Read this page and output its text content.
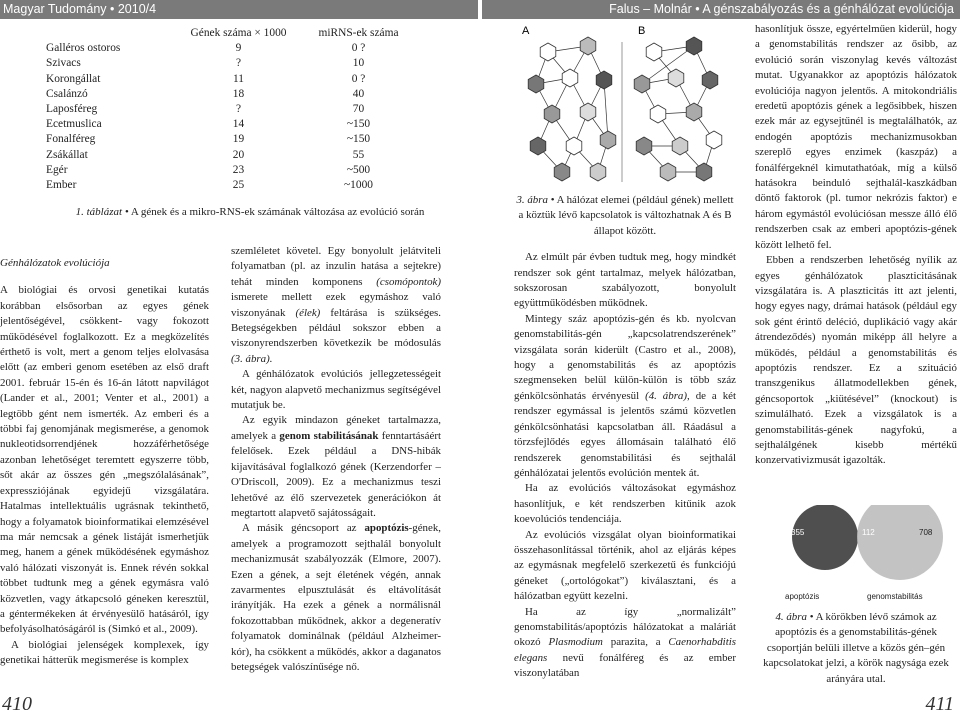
Magyar Tudomány • 2010/4	Falus – Molnár • A génszabályozás és a génhálózat evolúciója
	Gének száma × 1000	miRNS-ek száma
Galléros ostoros	9	0 ?
Szivacs	?	10
Korongállat	11	0 ?
Csalánzó	18	40
Laposféreg	?	70
Ecetmuslica	14	~150
Fonalféreg	19	~150
Zsákállat	20	55
Egér	23	~500
Ember	25	~1000
1. táblázat • A gének és a mikro-RNS-ek számának változása az evolúció során

Génhálózatok evolúciója

A biológiai és orvosi genetikai kutatás korábban elsősorban az egyes gének jelentőségével, csökkent- vagy fokozott működésével foglalkozott. Ez a megközelítés érthető is volt, mert a genom teljes elolvasása előtt (az emberi genom esetében az első draft 2001. február 15-én és 16-án látott napvilágot (Lander et al., 2001; Venter et al., 2001) a legtöbb gént nem ismerték. Az emberi és a többi faj genomjának megismerése, a genomok nukleotidsorrendjének hozzáférhetősége azonban lehetőséget teremtett egyszerre több, sőt akár az összes gén „megszólalásának”, expressziójának egyidejű vizsgálatára. Hatalmas intellektuális ugrásnak tekinthető, hogy a folyamatok bioinformatikai elemzésével ma már nemcsak a gének listáját ismerhetjük meg, hanem a gének működésének egymáshoz való hálózati viszonyát is. Ennek révén sokkal többet tudtunk meg a gének egymásra való közvetlen, vagy átkapcsoló géneken keresztül, a géntermékeken át érvényesülő hatásáról, így befolyásolhatóságáról is (Simkó et al., 2009).

A biológiai jelenségek komplexek, így genetikai hátterük megismerése is komplex

szemléletet követel. Egy bonyolult jelátviteli folyamatban (pl. az inzulin hatása a sejtekre) tehát minden komponens (csomópontok) ismerete mellett ezek egymáshoz való viszonyának (élek) feltárása is szükséges. Betegségekben például sokszor ebben a viszonyrendszerben következik be módosulás (3. ábra).

A génhálózatok evolúciós jellegzetességeit két, nagyon alapvető mechanizmus segítségével mutatjuk be.

Az egyik mindazon géneket tartalmazza, amelyek a genom stabilitásának fenntartásáért felelősek. Ezek például a DNS-hibák kijavításával foglalkozó gének (Kerzendorfer – O'Driscoll, 2009). Ez a mechanizmus teszi lehetővé az élő szervezetek generációkon át megtartott alapvető sajátosságait.

A másik géncsoport az apoptózis-gének, amelyek a programozott sejthalál bonyolult mechanizmusát szabályozzák (Elmore, 2007). Ezen a gének, a sejt életének végén, annak zavarmentes elpusztulását és eltávolítását irányítják. Ha ezek a gének a normálisnál fokozottabban működnek, akkor a degeneratív folyamatok dominálnak (például Alzheimer-kór), ha csökkent a működés, akkor a daganatos betegségek valószínűsége nő.

A	B

3. ábra • A hálózat elemei (például gének) mellett a köztük lévő kapcsolatok is változhatnak A és B állapot között.

Az elmúlt pár évben tudtuk meg, hogy mindkét rendszer sok gént tartalmaz, melyek hálózatban, sokszorosan szabályozott, bonyolult együttműködésben működnek.

Mintegy száz apoptózis-gén és kb. nyolcvan genomstabilitás-gén „kapcsolatrendszerének” vizsgálata során kiderült (Castro et al., 2008), hogy a genomstabilitás és az apoptózis szegmenseken belül külön-külön is több száz génkölcsönhatás érvényesül (4. ábra), de a két rendszer egymással is jelentős számú közvetlen génkölcsönhatási kapcsolatban áll. Ráadásul a törzsfejlődés egyes állomásain található élő rendszerek genomstabilitási és sejthalál génhálózatai jelentős evolúción mentek át.

Ha az evolúciós változásokat egymáshoz hasonlítjuk, e két rendszerben kitűnik azok koevolúciós tendenciája.

Az evolúciós vizsgálat olyan bioinformatikai összehasonlítással történik, ahol az eljárás képes az egymásnak megfelelő szerkezetű és funkciójú géneket („ortológokat”) kiválasztani, és a hálózatban együtt kezelni.

Ha az így „normalizált” genomstabilitás/apoptózis hálózatokat a maláriát okozó Plasmodium parazita, a Caenorhabditis elegans nevű fonálféreg és az ember viszonylatában

hasonlítjuk össze, egyértelműen kiderül, hogy a genomstabilitás rendszer az ősibb, az evolúció során viszonylag kevés változást mutat. Ugyanakkor az apoptózis hálózatok evolúciója nagyon jelentős. A mitokondriális eredetű apoptózis gének a legősibbek, hiszen ezek már az egysejtűnél is megtalálhatók, az endogén apoptózis mechanizmusokban szereplő egyes enzimek (kaszpáz) a fonálférgeknél kimutathatóak, míg a külső hatásokra beinduló sejthalál-kaszkádban döntő faktorok (pl. tumor nekrózis faktor) e három egymástól evolúciósan messze álló élő rendszerben csak az emberi apoptózis-gének között lelhető fel.

Ebben a rendszerben lehetőség nyílik az egyes génhálózatok plaszticitásának vizsgálatára is. A plaszticitás itt azt jelenti, hogy egyes nagy, drámai hatások (például egy sok gént érintő deléció, duplikáció vagy akár átrendeződés) nyomán miképp áll helyre a működés, például a genomstabilitás és apoptózis rendszer. Ez a szituáció transzgenikus állatmodellekben gének, géncsoportok „kiütésével” (knockout) is szimulálható. Ezek a vizsgálatok is a genomstabilitás-gének nagyfokú, a sejthalálgének kisebb mértékű konzervativizmusát igazolták.

355	112	708
apoptózis	genomstabilitás

4. ábra • A körökben lévő számok az apoptózis és a genomstabilitás-gének csoportján belüli illetve a közös gén–gén kapcsolatokat jelzi, a körök nagysága ezek arányára utal.

410	411
